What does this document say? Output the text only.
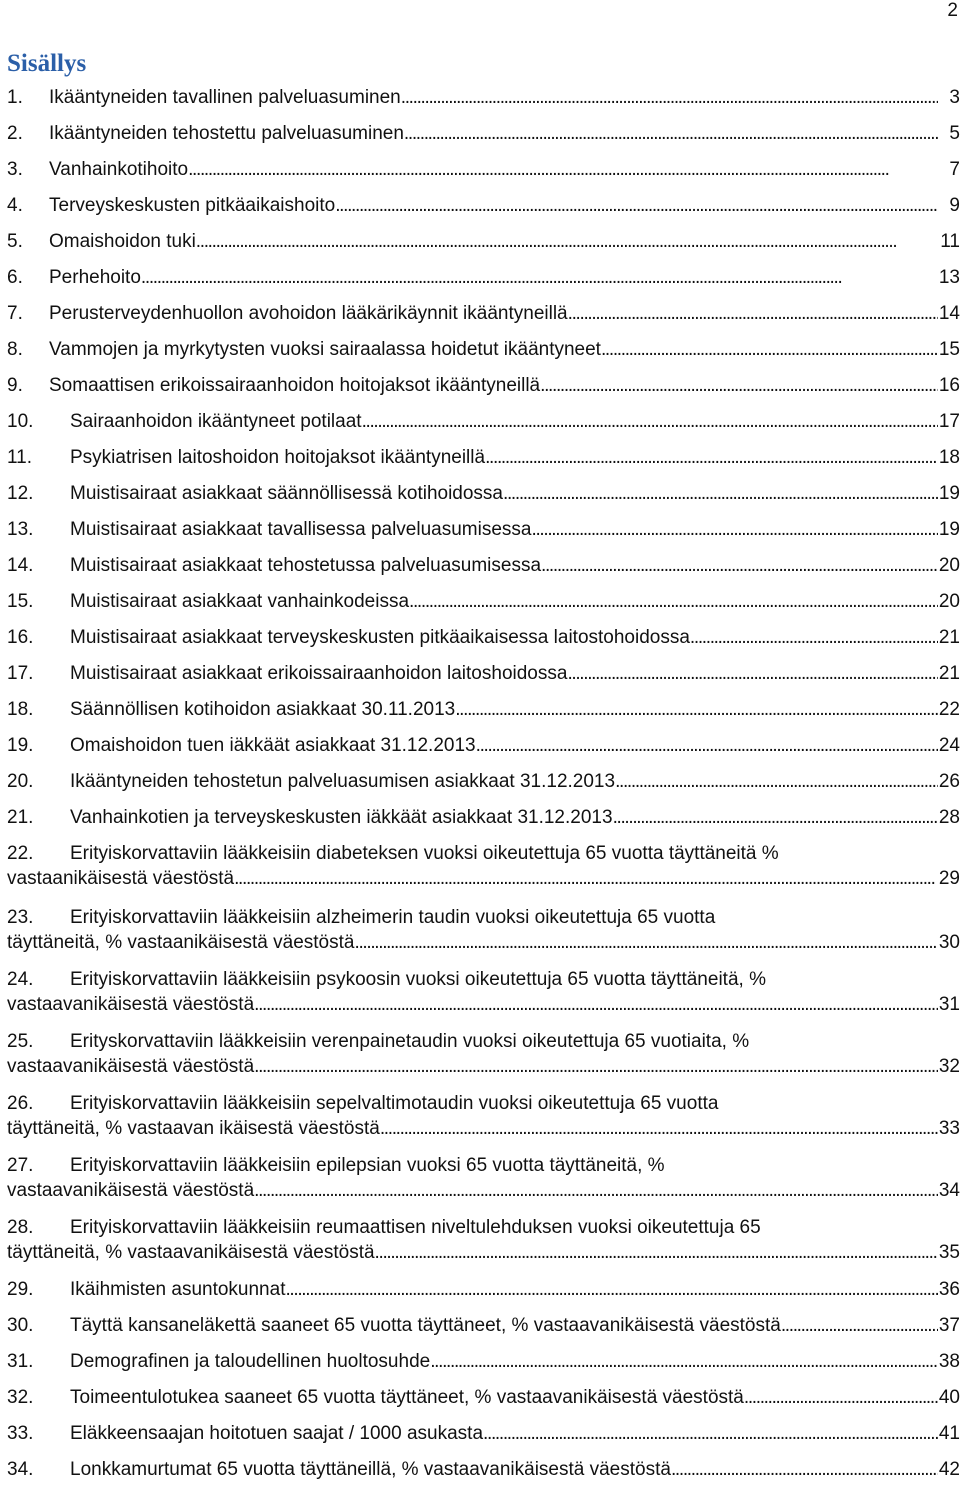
2
Sisällys
1.	Ikääntyneiden tavallinen palveluasuminen . . .	3
2.	Ikääntyneiden tehostettu palveluasuminen . . .	5
3.	Vanhainkotihoito . . .	7
4.	Terveyskeskusten pitkäaikaishoito . . .	9
5.	Omaishoidon tuki . . .	11
6.	Perhehoito . . .	13
7.	Perusterveydenhuollon avohoidon lääkärikäynnit ikääntyneillä . . .	14
8.	Vammojen ja myrkytysten vuoksi sairaalassa hoidetut ikääntyneet . . .	15
9.	Somaattisen erikoissairaanhoidon hoitojaksot ikääntyneillä . . .	16
10.	Sairaanhoidon ikääntyneet potilaat . . .	17
11.	Psykiatrisen laitoshoidon hoitojaksot ikääntyneillä . . .	18
12.	Muistisairaat asiakkaat säännöllisessä kotihoidossa . . .	19
13.	Muistisairaat asiakkaat tavallisessa palveluasumisessa . . .	19
14.	Muistisairaat asiakkaat tehostetussa palveluasumisessa . . .	20
15.	Muistisairaat asiakkaat vanhainkodeissa . . .	20
16.	Muistisairaat asiakkaat terveyskeskusten pitkäaikaisessa laitostohoidossa . . .	21
17.	Muistisairaat asiakkaat erikoissairaanhoidon laitoshoidossa . . .	21
18.	Säännöllisen kotihoidon asiakkaat 30.11.2013 . . .	22
19.	Omaishoidon tuen iäkkäät asiakkaat 31.12.2013 . . .	24
20.	Ikääntyneiden tehostetun palveluasumisen asiakkaat 31.12.2013 . . .	26
21.	Vanhainkotien ja terveyskeskusten iäkkäät asiakkaat 31.12.2013 . . .	28
22.	Erityiskorvattaviin lääkkeisiin diabeteksen vuoksi oikeutettuja 65 vuotta täyttäneitä %
vastaanikäisestä väestöstä . . .	29
23.	Erityiskorvattaviin lääkkeisiin alzheimerin taudin vuoksi oikeutettuja 65 vuotta
täyttäneitä, % vastaanikäisestä väestöstä . . .	30
24.	Erityiskorvattaviin lääkkeisiin psykoosin vuoksi oikeutettuja 65 vuotta täyttäneitä, %
vastaavanikäisestä väestöstä . . .	31
25.	Erityskorvattaviin lääkkeisiin verenpainetaudin vuoksi oikeutettuja 65 vuotiaita, %
vastaavanikäisestä väestöstä . . .	32
26.	Erityiskorvattaviin lääkkeisiin sepelvaltimotaudin vuoksi oikeutettuja 65 vuotta
täyttäneitä, % vastaavan ikäisestä väestöstä . . .	33
27.	Erityiskorvattaviin lääkkeisiin epilepsian vuoksi 65 vuotta täyttäneitä, %
vastaavanikäisestä väestöstä . . .	34
28.	Erityiskorvattaviin lääkkeisiin reumaattisen niveltulehduksen vuoksi oikeutettuja 65
täyttäneitä, % vastaavanikäisestä väestöstä . . .	35
29.	Ikäihmisten asuntokunnat . . .	36
30.	Täyttä kansaneläkettä saaneet 65 vuotta täyttäneet, % vastaavanikäisestä väestöstä . . .	37
31.	Demografinen ja taloudellinen huoltosuhde . . .	38
32.	Toimeentulotukea saaneet 65 vuotta täyttäneet, % vastaavanikäisestä väestöstä . . .	40
33.	Eläkkeensaajan hoitotuen saajat / 1000 asukasta . . .	41
34.	Lonkkamurtumat 65 vuotta täyttäneillä, % vastaavanikäisestä väestöstä . . .	42
